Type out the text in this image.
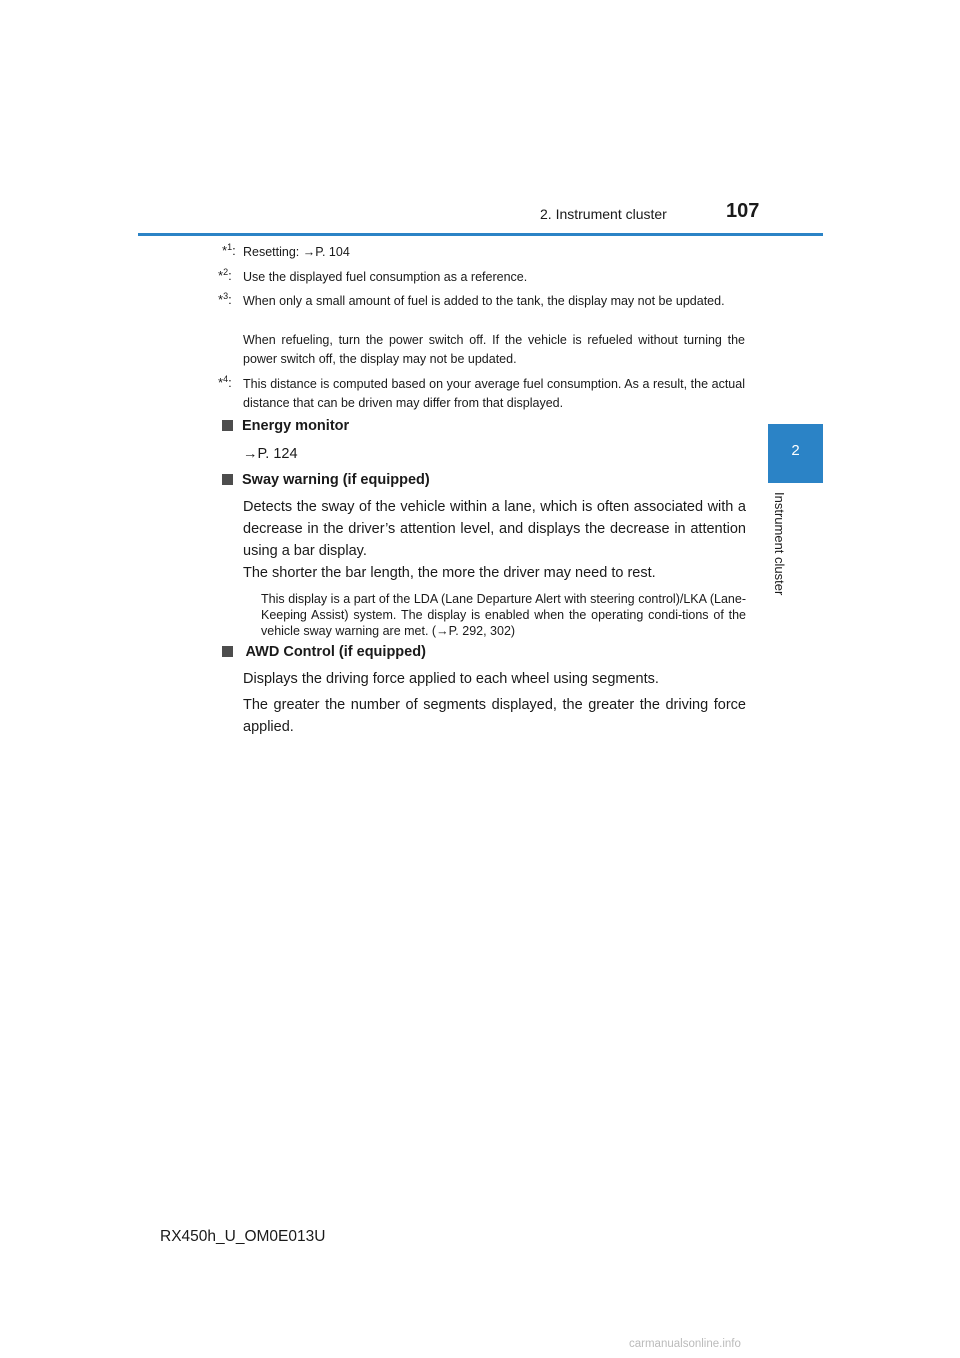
2. Instrument cluster	107
2
Instrument cluster
*$^1$: Resetting: →P. 104
*$^2$: Use the displayed fuel consumption as a reference.
*$^3$: When only a small amount of fuel is added to the tank, the display may not be updated.
When refueling, turn the power switch off. If the vehicle is refueled without turning the power switch off, the display may not be updated.
*$^4$: This distance is computed based on your average fuel consumption. As a result, the actual distance that can be driven may differ from that displayed.
Energy monitor
→P. 124
Sway warning (if equipped)
Detects the sway of the vehicle within a lane, which is often associated with a decrease in the driver’s attention level, and displays the decrease in attention using a bar display.
The shorter the bar length, the more the driver may need to rest.
This display is a part of the LDA (Lane Departure Alert with steering control)/LKA (Lane-Keeping Assist) system. The display is enabled when the operating condi-tions of the vehicle sway warning are met. (→P. 292, 302)
AWD Control (if equipped)
Displays the driving force applied to each wheel using segments.
The greater the number of segments displayed, the greater the driving force applied.
RX450h_U_OM0E013U
carmanualsonline.info
